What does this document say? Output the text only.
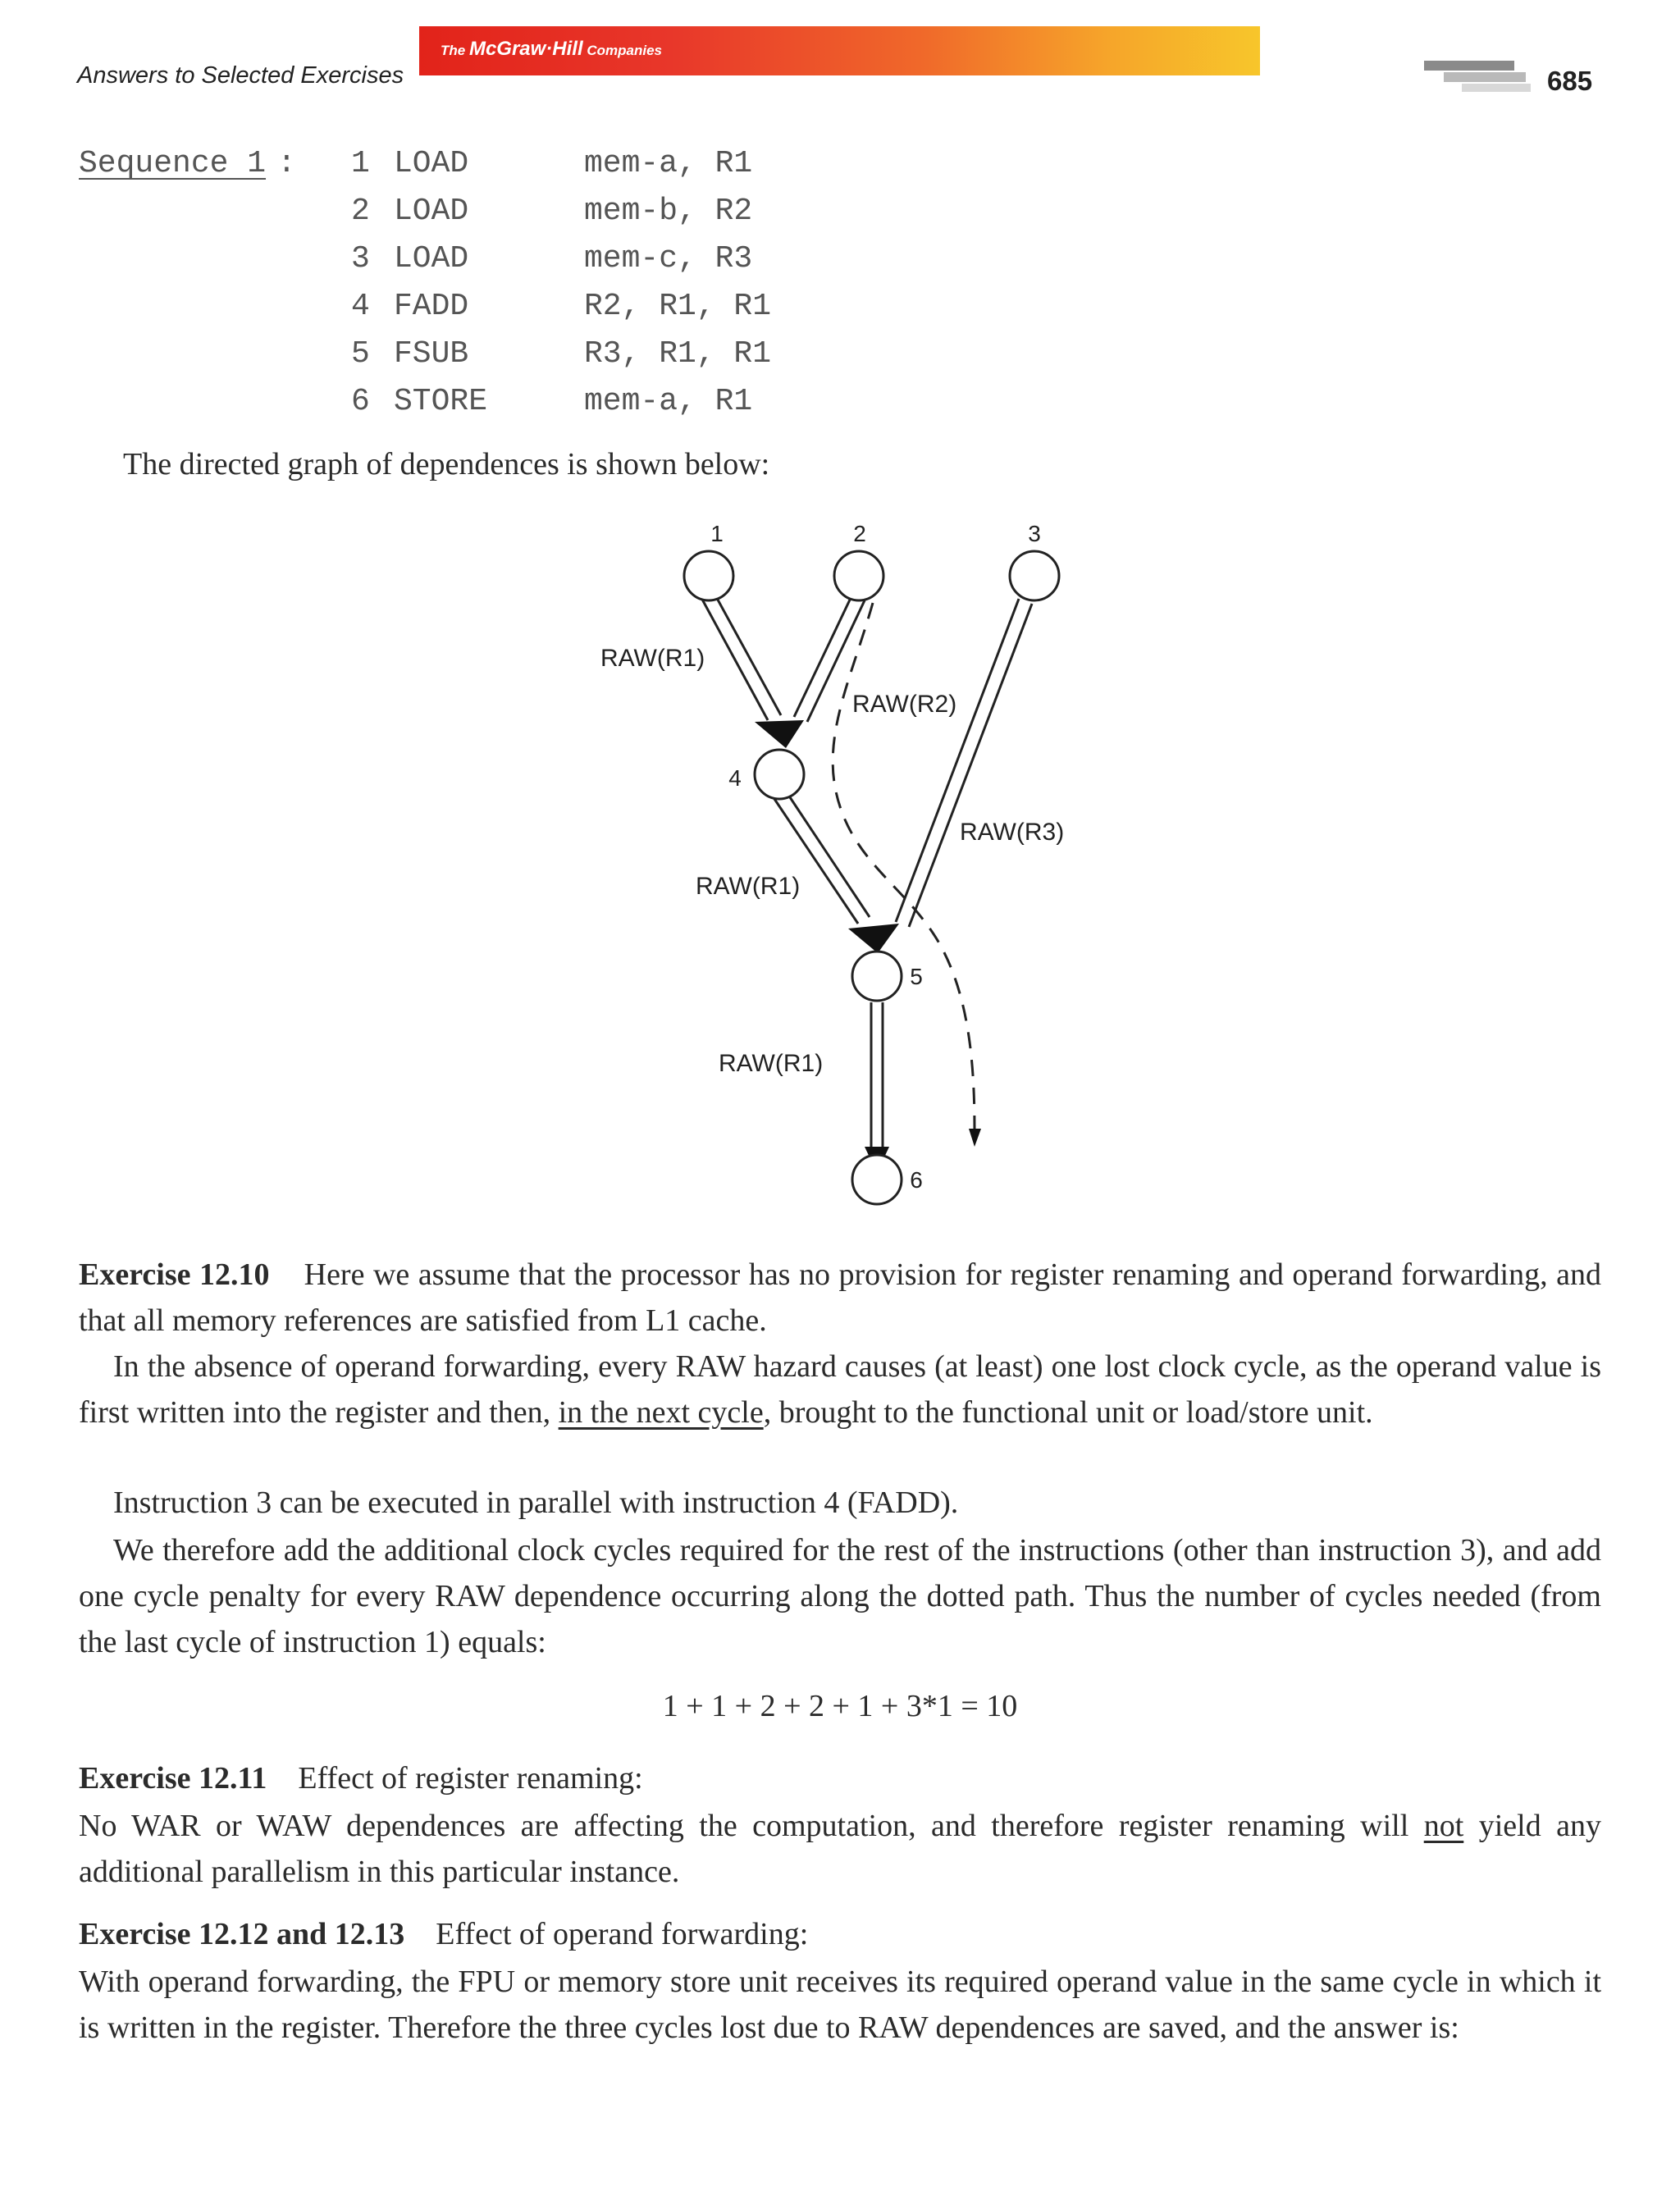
Answers to Selected Exercises
The McGraw·Hill Companies
685
Sequence 1 : 1 LOAD	mem-a, R1
2 LOAD	mem-b, R2
3 LOAD	mem-c, R3
4 FADD	R2, R1, R1
5 FSUB	R3, R1, R1
6 STORE	mem-a, R1
The directed graph of dependences is shown below:
1	2	3
4
5
6
RAW(R1)
RAW(R2)
RAW(R1)
RAW(R3)
RAW(R1)
Exercise 12.10 Here we assume that the processor has no provision for register renaming and operand forwarding, and that all memory references are satisfied from L1 cache.
In the absence of operand forwarding, every RAW hazard causes (at least) one lost clock cycle, as the operand value is first written into the register and then, in the next cycle, brought to the functional unit or load/store unit.
Instruction 3 can be executed in parallel with instruction 4 (FADD).
We therefore add the additional clock cycles required for the rest of the instructions (other than instruction 3), and add one cycle penalty for every RAW dependence occurring along the dotted path. Thus the number of cycles needed (from the last cycle of instruction 1) equals:
1 + 1 + 2 + 2 + 1 + 3*1 = 10
Exercise 12.11 Effect of register renaming:
No WAR or WAW dependences are affecting the computation, and therefore register renaming will not yield any additional parallelism in this particular instance.
Exercise 12.12 and 12.13 Effect of operand forwarding:
With operand forwarding, the FPU or memory store unit receives its required operand value in the same cycle in which it is written in the register. Therefore the three cycles lost due to RAW dependences are saved, and the answer is:
